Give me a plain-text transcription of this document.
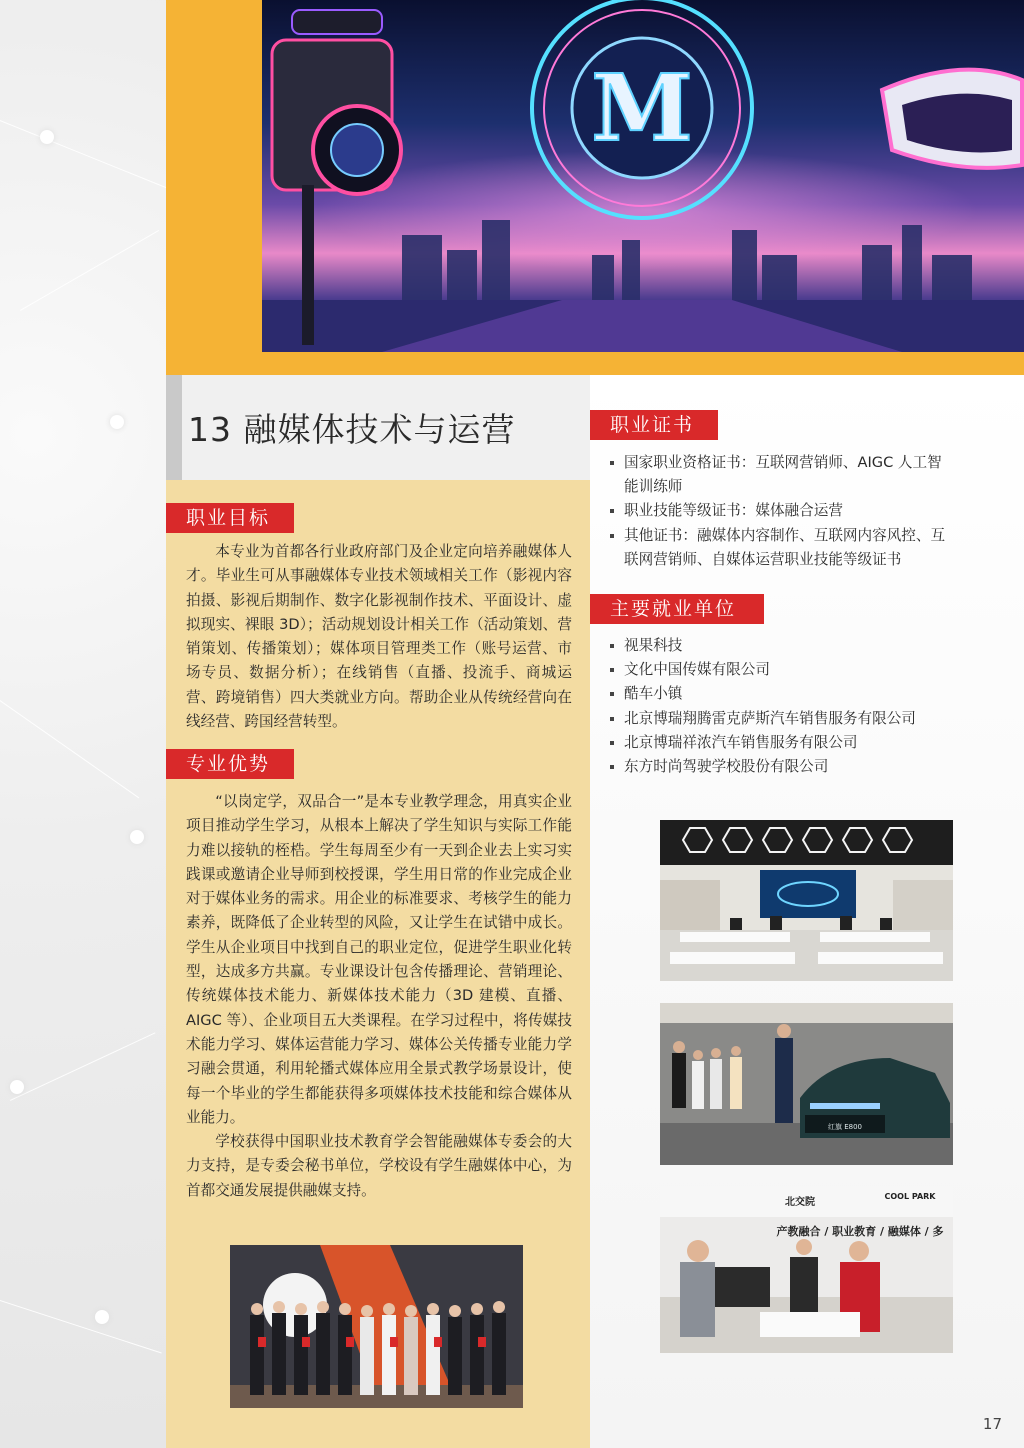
M
13 融媒体技术与运营
职业目标

本专业为首都各行业政府部门及企业定向培养融媒体人才。毕业生可从事融媒体专业技术领域相关工作（影视内容拍摄、影视后期制作、数字化影视制作技术、平面设计、虚拟现实、裸眼 3D）；活动规划设计相关工作（活动策划、营销策划、传播策划）；媒体项目管理类工作（账号运营、市场专员、数据分析）；在线销售（直播、投流手、商城运营、跨境销售）四大类就业方向。帮助企业从传统经营向在线经营、跨国经营转型。

专业优势

“以岗定学，双品合一”是本专业教学理念，用真实企业项目推动学生学习，从根本上解决了学生知识与实际工作能力难以接轨的桎梏。学生每周至少有一天到企业去上实习实践课或邀请企业导师到校授课，学生用日常的作业完成企业对于媒体业务的需求。用企业的标准要求、考核学生的能力素养，既降低了企业转型的风险，又让学生在试错中成长。学生从企业项目中找到自己的职业定位，促进学生职业化转型，达成多方共赢。专业课设计包含传播理论、营销理论、传统媒体技术能力、新媒体技术能力（3D 建模、直播、AIGC 等）、企业项目五大类课程。在学习过程中，将传媒技术能力学习、媒体运营能力学习、媒体公关传播专业能力学习融会贯通，利用轮播式媒体应用全景式教学场景设计，使每一个毕业的学生都能获得多项媒体技术技能和综合媒体从业能力。

学校获得中国职业技术教育学会智能融媒体专委会的大力支持，是专委会秘书单位，学校设有学生融媒体中心，为首都交通发展提供融媒支持。

职业证书
国家职业资格证书：互联网营销师、AIGC 人工智能训练师
职业技能等级证书：媒体融合运营
其他证书：融媒体内容制作、互联网内容风控、互联网营销师、自媒体运营职业技能等级证书
主要就业单位
视果科技
文化中国传媒有限公司
酷车小镇
北京博瑞翔腾雷克萨斯汽车销售服务有限公司
北京博瑞祥浓汽车销售服务有限公司
东方时尚驾驶学校股份有限公司
红旗 E800
北交院
COOL PARK
产教融合 / 职业教育 / 融媒体 / 多
17
